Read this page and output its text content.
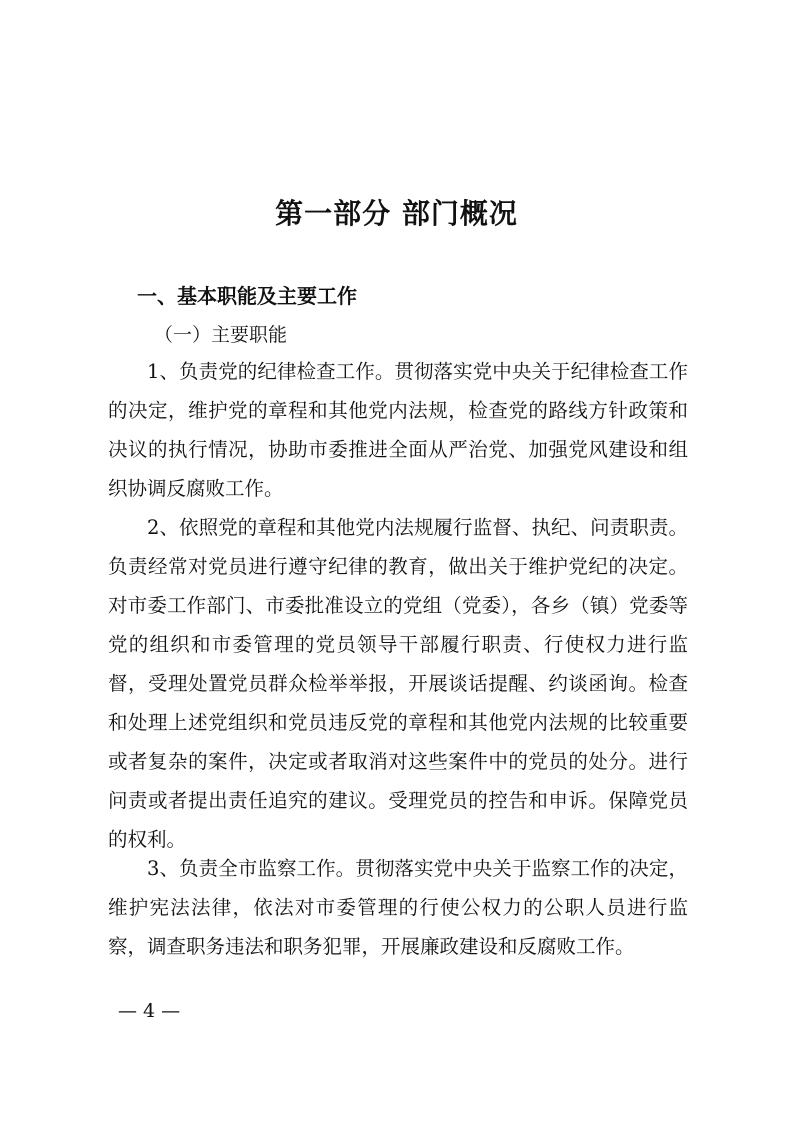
第一部分 部门概况
一、基本职能及主要工作
（一）主要职能

1、负责党的纪律检查工作。贯彻落实党中央关于纪律检查工作的决定，维护党的章程和其他党内法规，检查党的路线方针政策和决议的执行情况，协助市委推进全面从严治党、加强党风建设和组织协调反腐败工作。

2、依照党的章程和其他党内法规履行监督、执纪、问责职责。负责经常对党员进行遵守纪律的教育，做出关于维护党纪的决定。对市委工作部门、市委批准设立的党组（党委），各乡（镇）党委等党的组织和市委管理的党员领导干部履行职责、行使权力进行监督，受理处置党员群众检举举报，开展谈话提醒、约谈函询。检查和处理上述党组织和党员违反党的章程和其他党内法规的比较重要或者复杂的案件，决定或者取消对这些案件中的党员的处分。进行问责或者提出责任追究的建议。受理党员的控告和申诉。保障党员的权利。

3、负责全市监察工作。贯彻落实党中央关于监察工作的决定，维护宪法法律，依法对市委管理的行使公权力的公职人员进行监察，调查职务违法和职务犯罪，开展廉政建设和反腐败工作。

— 4 —
